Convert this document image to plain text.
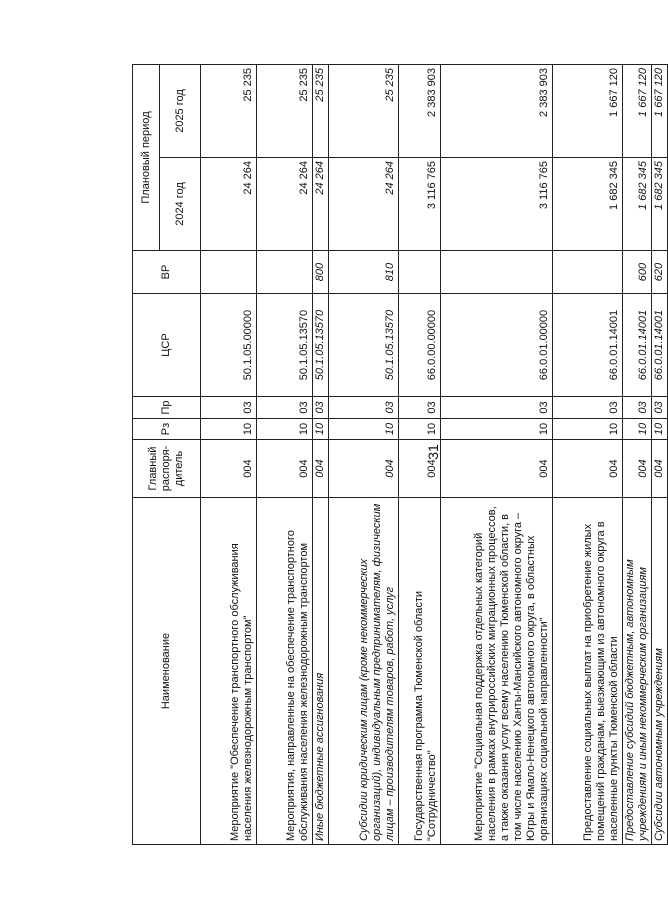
31
Наименование	Главный распоря-дитель	Рз	Пр	ЦСР	ВР	Плановый период	
						2024 год	2025 год
Мероприятие "Обеспечение транспортного обслуживания населения железнодорожным транспортом"	004	10	03	50.1.05.00000		24 264	25 235
Мероприятия, направленные на обеспечение транспортного обслуживания населения железнодорожным транспортом	004	10	03	50.1.05.13570		24 264	25 235
Иные бюджетные ассигнования	004	10	03	50.1.05.13570	800	24 264	25 235
Субсидии юридическим лицам (кроме некоммерческих организаций), индивидуальным предпринимателям, физическим лицам – производителям товаров, работ, услуг	004	10	03	50.1.05.13570	810	24 264	25 235
Государственная программа Тюменской области "Сотрудничество"	004	10	03	66.0.00.00000		3 116 765	2 383 903
Мероприятие "Социальная поддержка отдельных категорий населения в рамках внутрироссийских миграционных процессов, а также оказания услуг всему населению Тюменской области, в том числе населению Ханты-Мансийского автономного округа – Югры и Ямало-Ненецкого автономного округа, в областных организациях социальной направленности"	004	10	03	66.0.01.00000		3 116 765	2 383 903
Предоставление социальных выплат на приобретение жилых помещений гражданам, выезжающим из автономного округа в населенные пункты Тюменской области	004	10	03	66.0.01.14001		1 682 345	1 667 120
Предоставление субсидий бюджетным, автономным учреждениям и иным некоммерческим организациям	004	10	03	66.0.01.14001	600	1 682 345	1 667 120
Субсидии автономным учреждениям	004	10	03	66.0.01.14001	620	1 682 345	1 667 120
